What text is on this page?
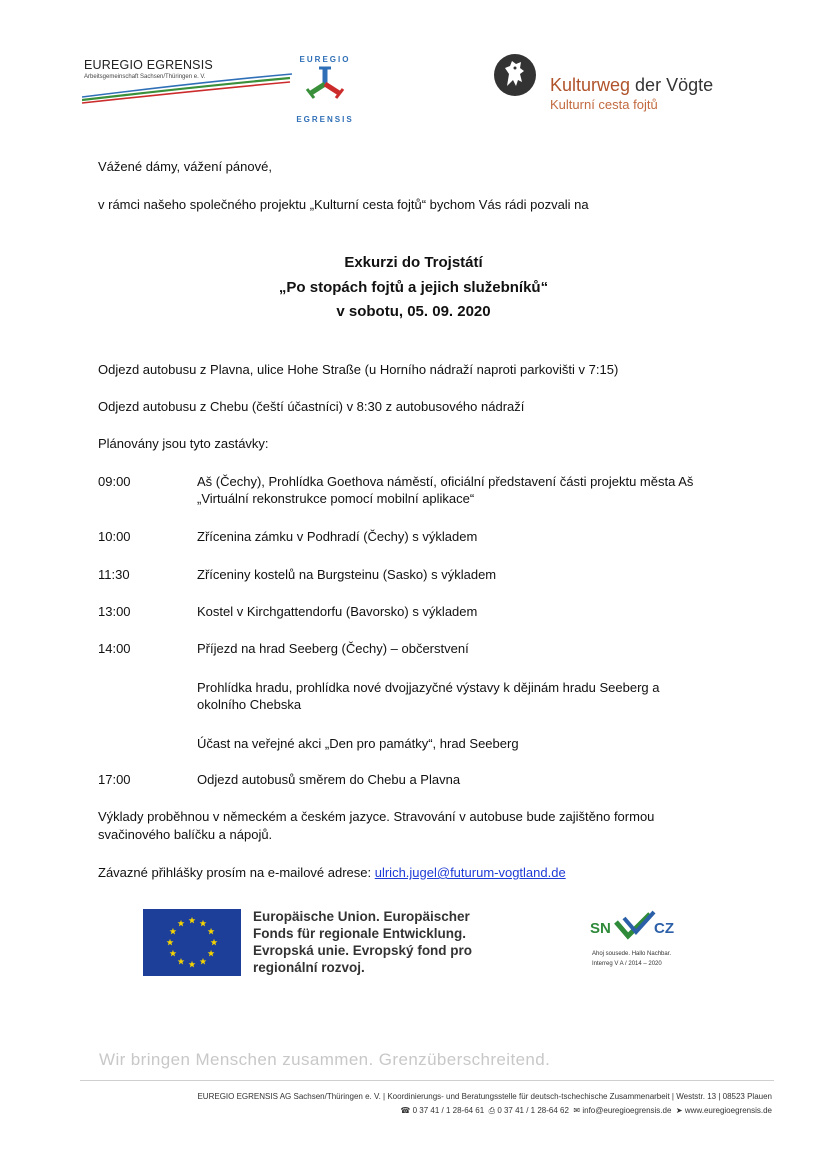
EUREGIO
EGRENSIS
EUREGIO EGRENSIS
Arbeitsgemeinschaft Sachsen/Thüringen e. V.	Kulturweg der Vögte
Kulturní cesta fojtů
Vážené dámy, vážení pánové,
v rámci našeho společného projektu „Kulturní cesta fojtů“ bychom Vás rádi pozvali na
Exkurzi do Trojstátí
„Po stopách fojtů a jejich služebníků“
v sobotu, 05. 09. 2020
Odjezd autobusu z Plavna, ulice Hohe Straße (u Horního nádraží naproti parkovišti v 7:15)
Odjezd autobusu z Chebu (čeští účastníci) v 8:30 z autobusového nádraží
Plánovány jsou tyto zastávky:
09:00	Aš (Čechy), Prohlídka Goethova náměstí, oficiální představení části projektu města Aš
„Virtuální rekonstrukce pomocí mobilní aplikace“
10:00	Zřícenina zámku v Podhradí (Čechy) s výkladem
11:30	Zříceniny kostelů na Burgsteinu (Sasko) s výkladem
13:00	Kostel v Kirchgattendorfu (Bavorsko) s výkladem
14:00	Příjezd na hrad Seeberg (Čechy) – občerstvení
Prohlídka hradu, prohlídka nové dvojjazyčné výstavy k dějinám hradu Seeberg a
okolního Chebska
Účast na veřejné akci „Den pro památky“, hrad Seeberg
17:00	Odjezd autobusů směrem do Chebu a Plavna
Výklady proběhnou v německém a českém jazyce. Stravování v autobuse bude zajištěno formou
svačinového balíčku a nápojů.
Závazné přihlášky prosím na e-mailové adrese: ulrich.jugel@futurum-vogtland.de
Europäische Union. Europäischer
Fonds für regionale Entwicklung.
Evropská unie. Evropský fond pro
regionální rozvoj.
SN	CZ
Ahoj sousede. Hallo Nachbar.
Interreg V A / 2014 – 2020
Wir bringen Menschen zusammen. Grenzüberschreitend.
EUREGIO EGRENSIS AG Sachsen/Thüringen e. V. | Koordinierungs- und Beratungsstelle für deutsch-tschechische Zusammenarbeit | Weststr. 13 | 08523 Plauen
☎ 0 37 41 / 1 28-64 61  ⎙ 0 37 41 / 1 28-64 62  ✉ info@euregioegrensis.de  ➤ www.euregioegrensis.de
